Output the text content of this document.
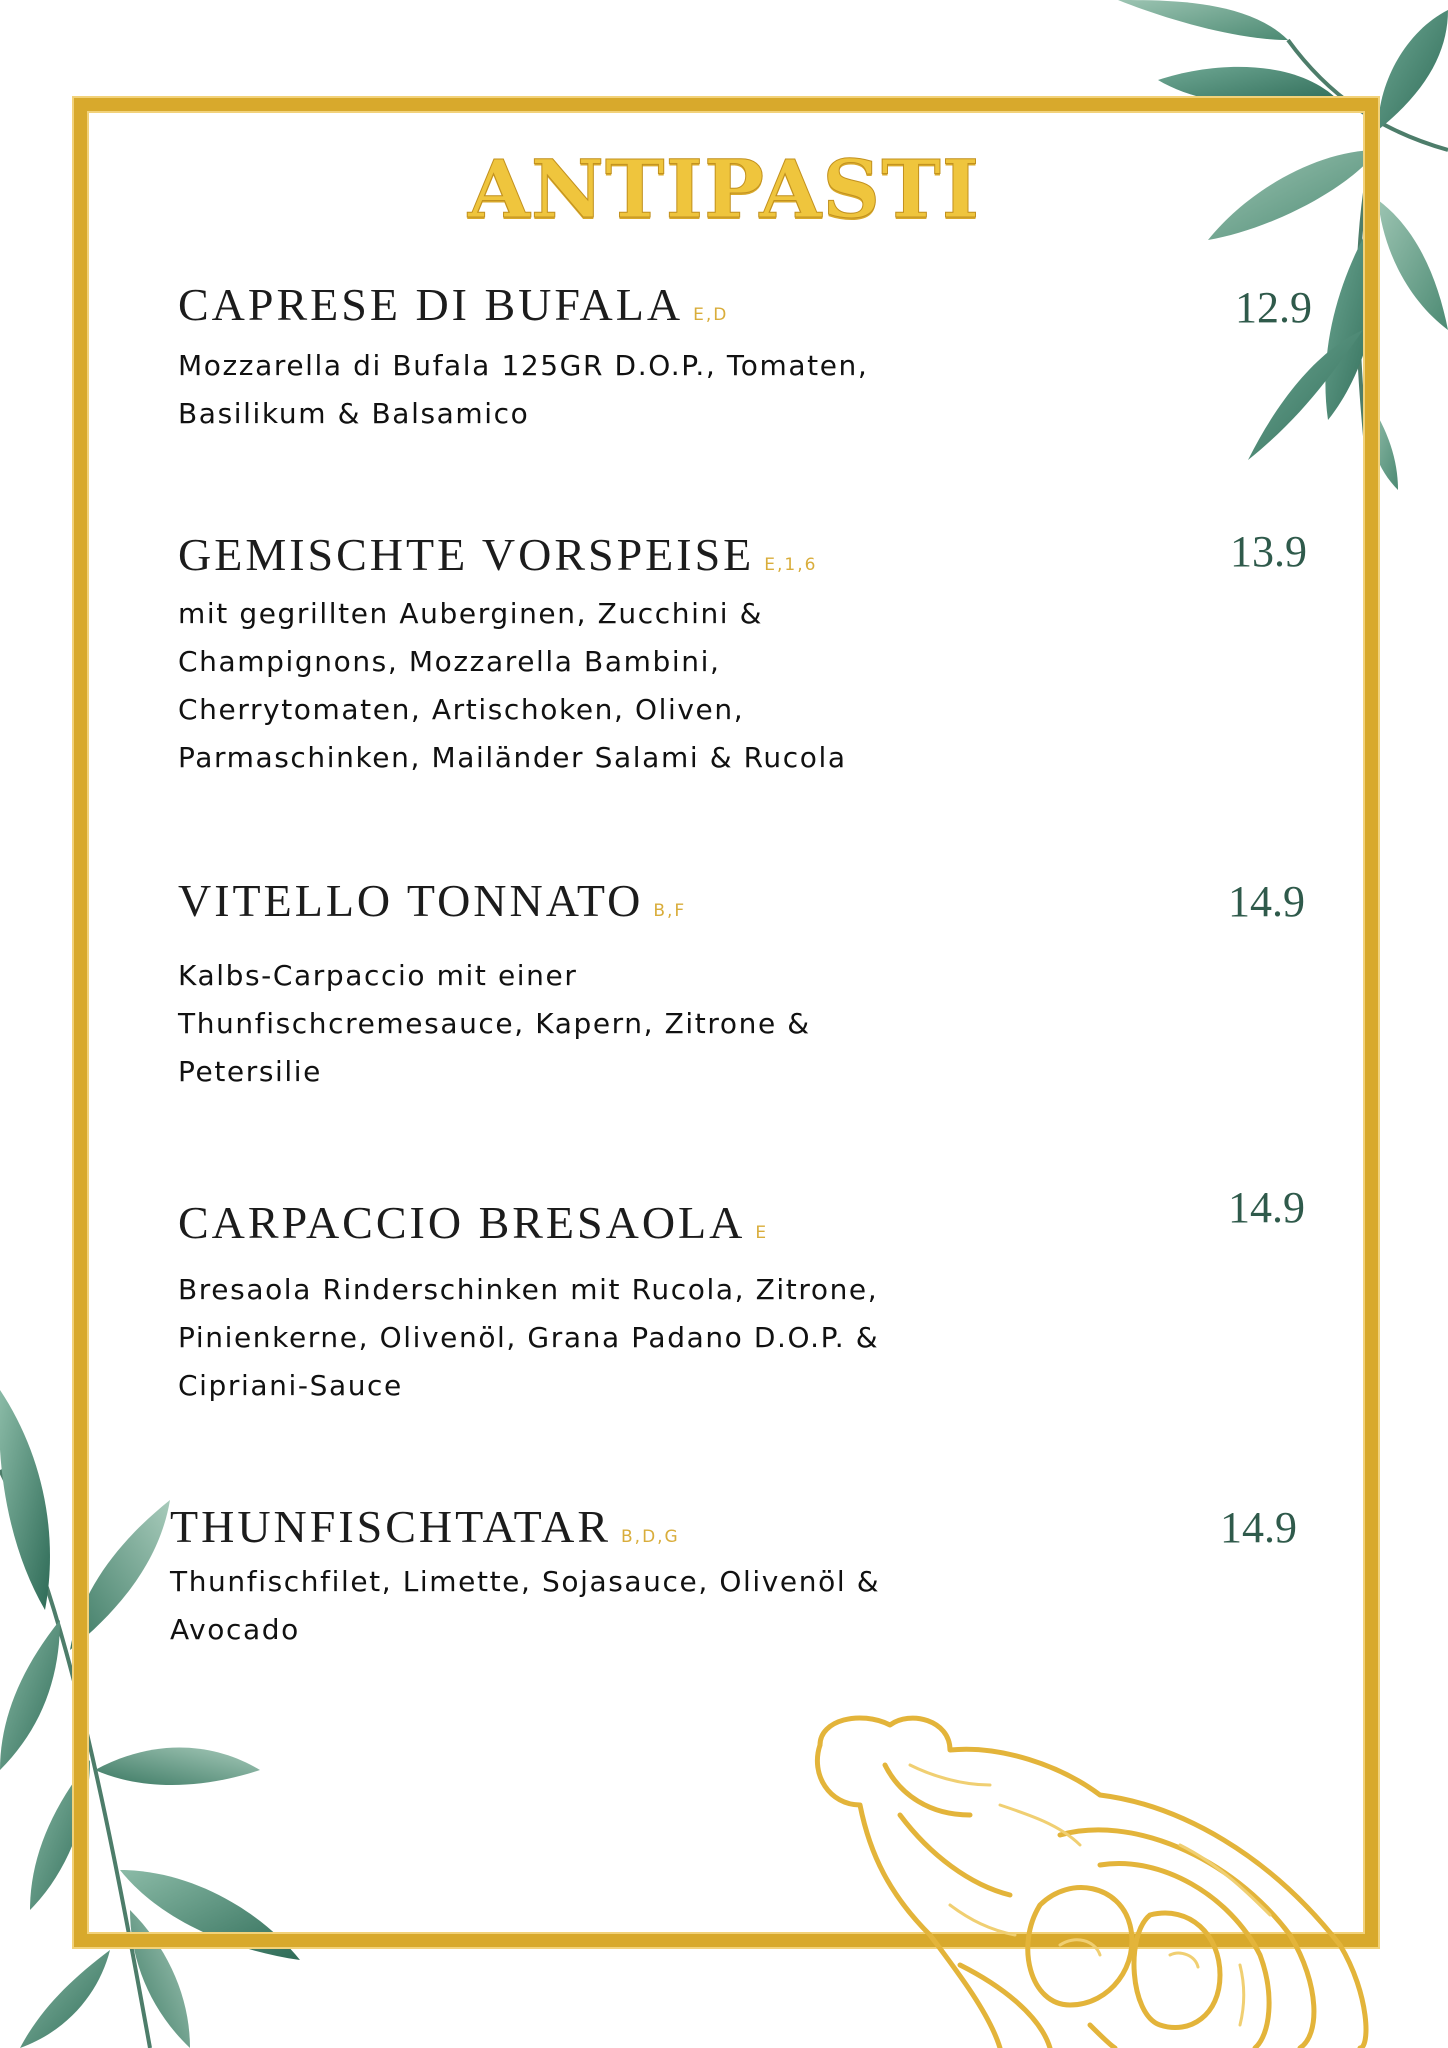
ANTIPASTI
CAPRESE DI BUFALA E,D	12.9
Mozzarella di Bufala 125GR D.O.P., Tomaten, Basilikum & Balsamico
GEMISCHTE VORSPEISE E,1,6	13.9
mit gegrillten Auberginen, Zucchini & Champignons, Mozzarella Bambini, Cherrytomaten, Artischoken, Oliven, Parmaschinken, Mailänder Salami & Rucola
VITELLO TONNATO B,F	14.9
Kalbs-Carpaccio mit einer Thunfischcremesauce, Kapern, Zitrone & Petersilie
CARPACCIO BRESAOLA E
14.9
Bresaola Rinderschinken mit Rucola, Zitrone, Pinienkerne, Olivenöl, Grana Padano D.O.P. & Cipriani-Sauce
THUNFISCHTATAR B,D,G	14.9
Thunfischfilet, Limette, Sojasauce, Olivenöl & Avocado
